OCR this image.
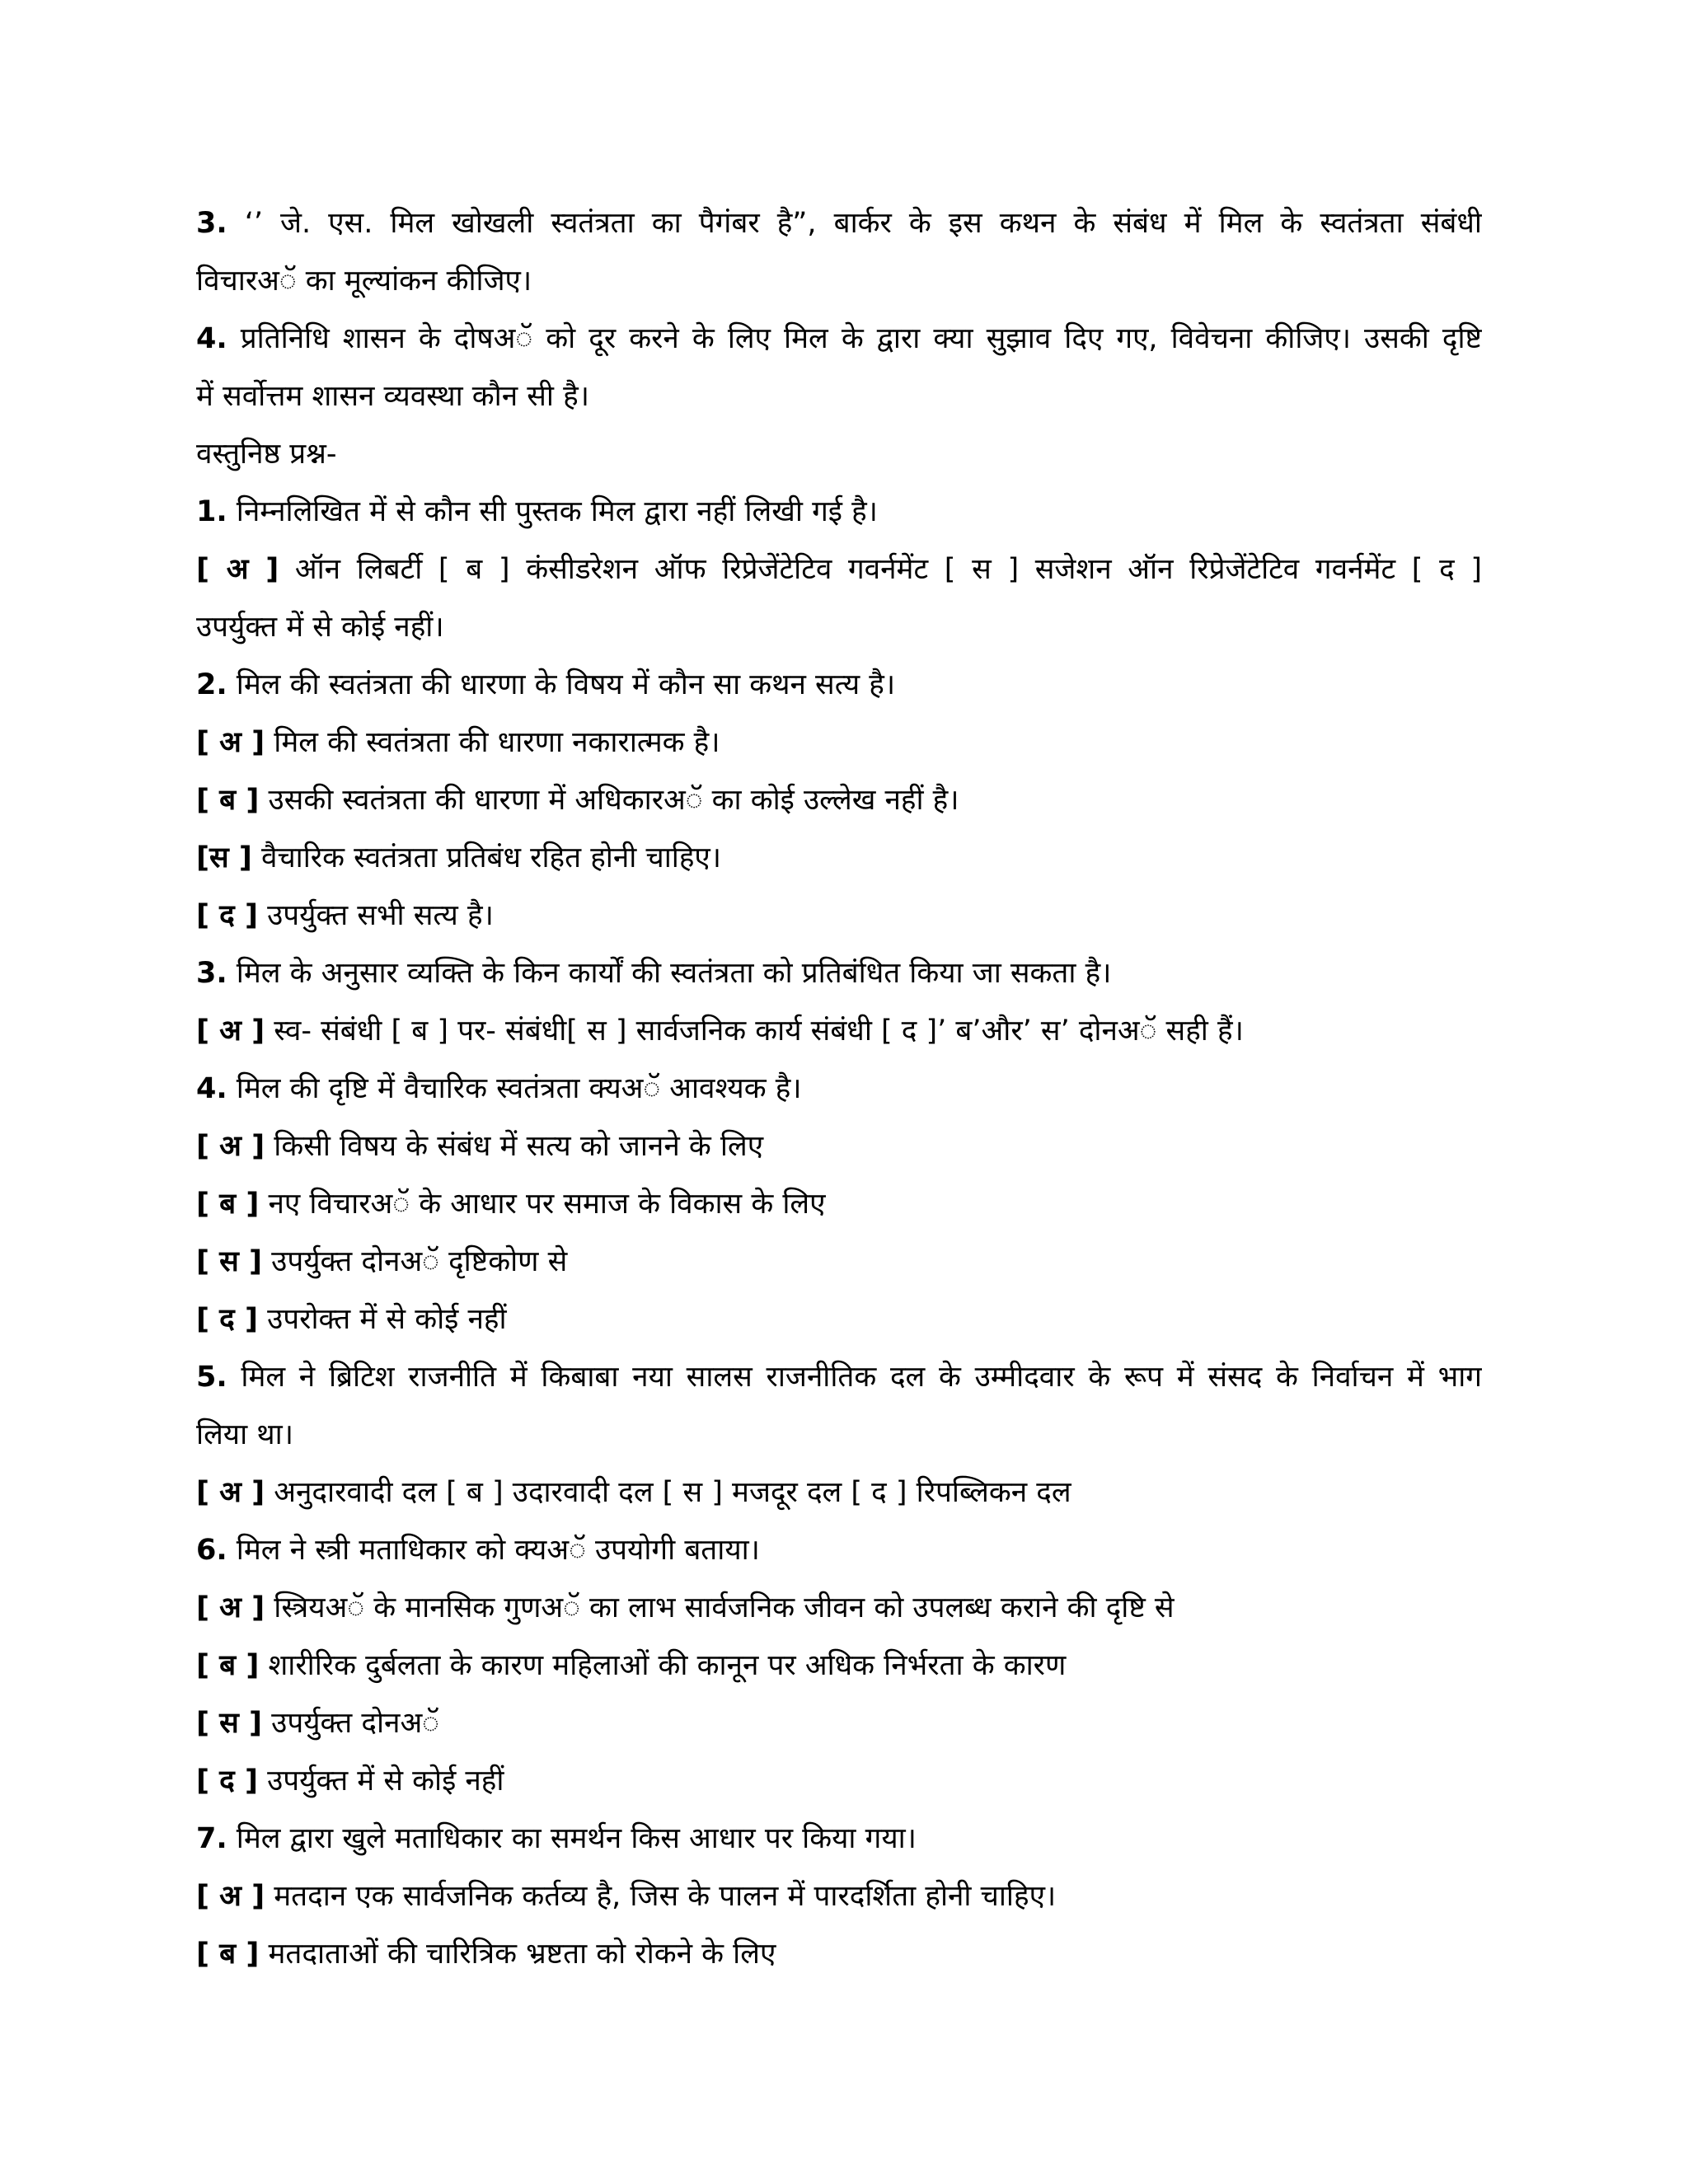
3. ‘’ जे. एस. मिल खोखली स्वतंत्रता का पैगंबर है”, बार्कर के इस कथन के संबंध में मिल के स्वतंत्रता संबंधी
विचारअॅ का मूल्यांकन कीजिए।
4. प्रतिनिधि शासन के दोषअॅ को दूर करने के लिए मिल के द्वारा क्या सुझाव दिए गए, विवेचना कीजिए। उसकी दृष्टि
में सर्वोत्तम शासन व्यवस्था कौन सी है।
वस्तुनिष्ठ प्रश्न-
1. निम्नलिखित में से कौन सी पुस्तक मिल द्वारा नहीं लिखी गई है।
[ अ ] ऑन लिबर्टी [ ब ] कंसीडरेशन ऑफ रिप्रेजेंटेटिव गवर्नमेंट [ स ] सजेशन ऑन रिप्रेजेंटेटिव गवर्नमेंट [ द ]
उपर्युक्त में से कोई नहीं।
2. मिल की स्वतंत्रता की धारणा के विषय में कौन सा कथन सत्य है।
[ अ ] मिल की स्वतंत्रता की धारणा नकारात्मक है।
[ ब ] उसकी स्वतंत्रता की धारणा में अधिकारअॅ का कोई उल्लेख नहीं है।
[स ] वैचारिक स्वतंत्रता प्रतिबंध रहित होनी चाहिए।
[ द ] उपर्युक्त सभी सत्य है।
3. मिल के अनुसार व्यक्ति के किन कार्यों की स्वतंत्रता को प्रतिबंधित किया जा सकता है।
[ अ ] स्व- संबंधी [ ब ] पर- संबंधी[ स ] सार्वजनिक कार्य संबंधी [ द ]’ ब’और’ स’ दोनअॅ सही हैं।
4. मिल की दृष्टि में वैचारिक स्वतंत्रता क्यअॅ आवश्यक है।
[ अ ] किसी विषय के संबंध में सत्य को जानने के लिए
[ ब ] नए विचारअॅ के आधार पर समाज के विकास के लिए
[ स ] उपर्युक्त दोनअॅ दृष्टिकोण से
[ द ] उपरोक्त में से कोई नहीं
5. मिल ने ब्रिटिश राजनीति में किबाबा नया सालस राजनीतिक दल के उम्मीदवार के रूप में संसद के निर्वाचन में भाग
लिया था।
[ अ ] अनुदारवादी दल [ ब ] उदारवादी दल [ स ] मजदूर दल [ द ] रिपब्लिकन दल
6. मिल ने स्त्री मताधिकार को क्यअॅ उपयोगी बताया।
[ अ ] स्त्रियअॅ के मानसिक गुणअॅ का लाभ सार्वजनिक जीवन को उपलब्ध कराने की दृष्टि से
[ ब ] शारीरिक दुर्बलता के कारण महिलाओं की कानून पर अधिक निर्भरता के कारण
[ स ] उपर्युक्त दोनअॅ
[ द ] उपर्युक्त में से कोई नहीं
7. मिल द्वारा खुले मताधिकार का समर्थन किस आधार पर किया गया।
[ अ ] मतदान एक सार्वजनिक कर्तव्य है, जिस के पालन में पारदर्शिता होनी चाहिए।
[ ब ] मतदाताओं की चारित्रिक भ्रष्टता को रोकने के लिए
